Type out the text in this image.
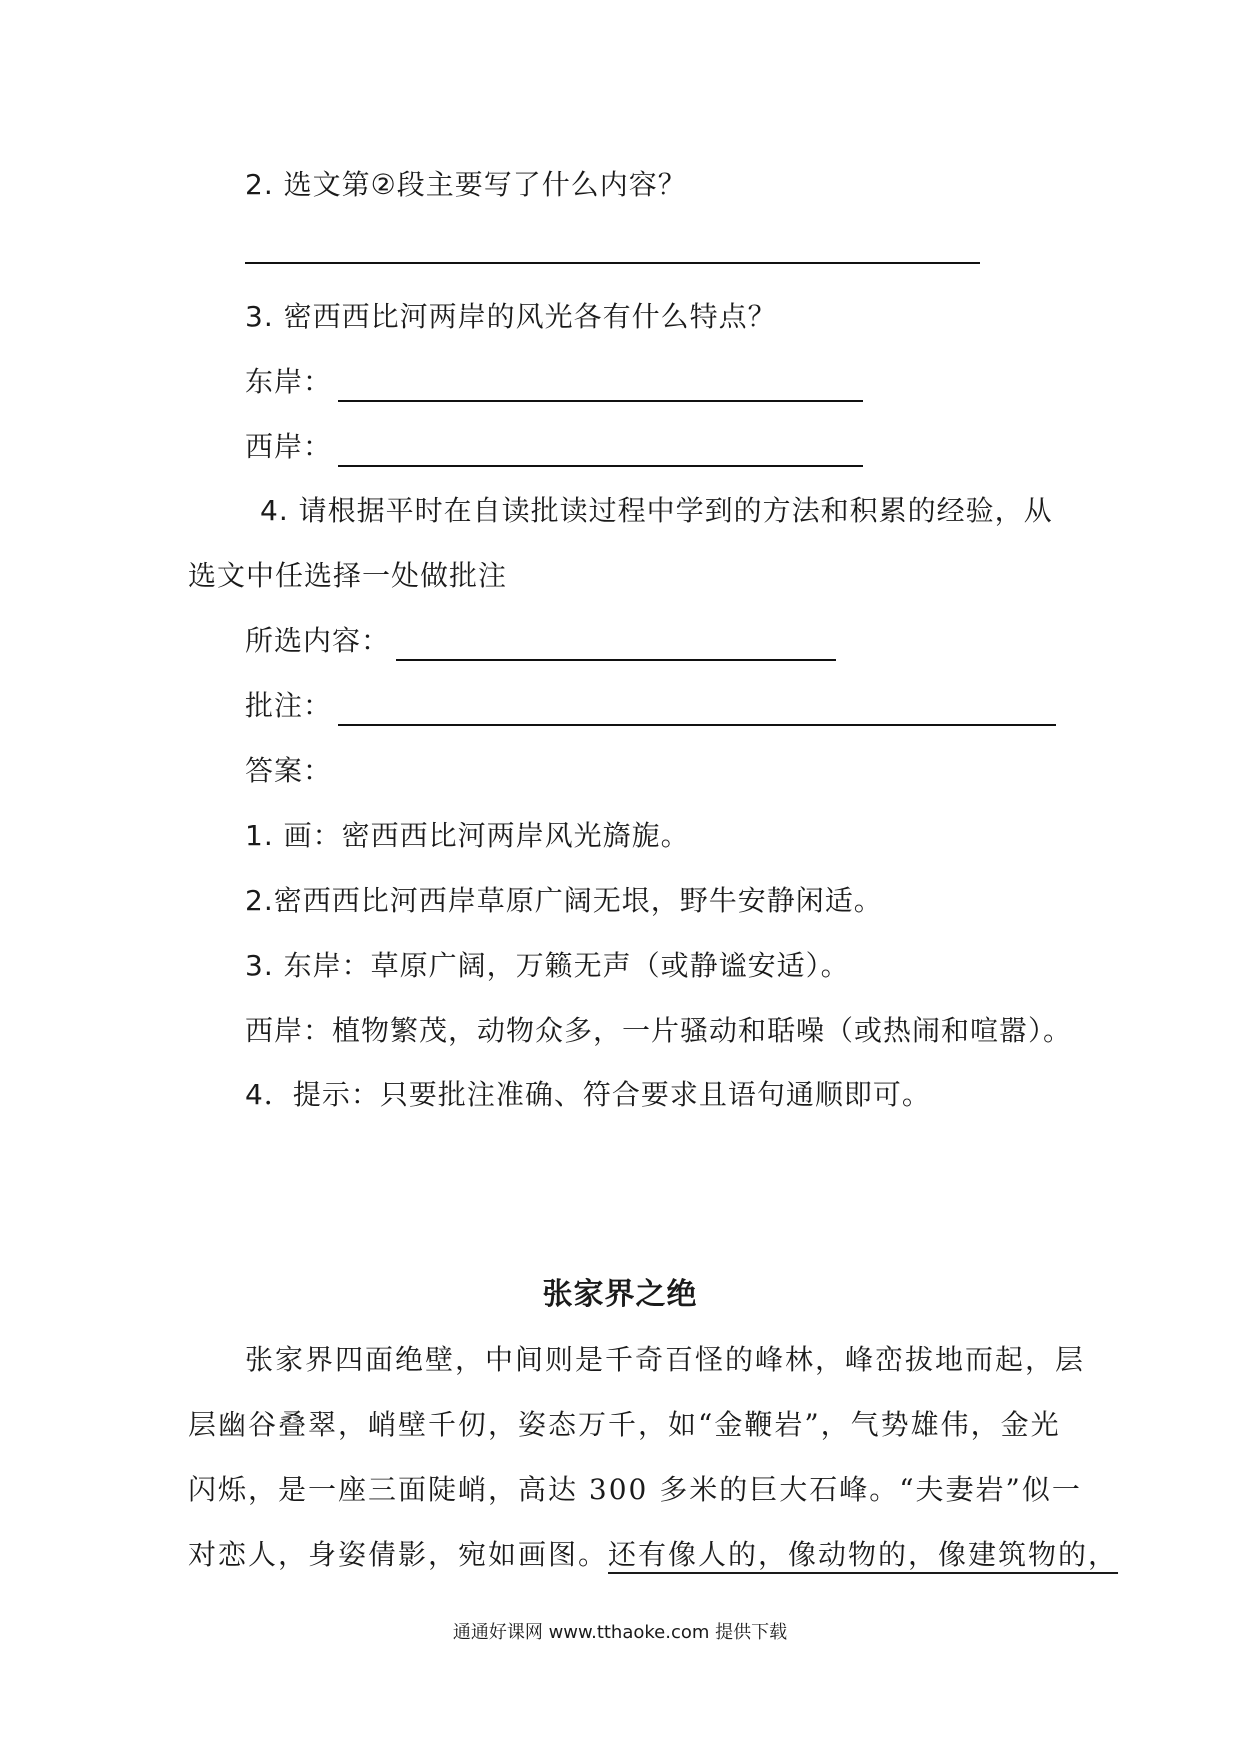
2. 选文第②段主要写了什么内容？
3. 密西西比河两岸的风光各有什么特点？
东岸：
西岸：
4. 请根据平时在自读批读过程中学到的方法和积累的经验，从
选文中任选择一处做批注
所选内容：
批注：
答案：
1. 画：密西西比河两岸风光旖旎。
2.密西西比河西岸草原广阔无垠，野牛安静闲适。
3. 东岸：草原广阔，万籁无声（或静谧安适）。
西岸：植物繁茂，动物众多，一片骚动和聒噪（或热闹和喧嚣）。
4．提示：只要批注准确、符合要求且语句通顺即可。
张家界之绝
张家界四面绝壁，中间则是千奇百怪的峰林，峰峦拔地而起，层
层幽谷叠翠，峭壁千仞，姿态万千，如“金鞭岩”，气势雄伟，金光
闪烁，是一座三面陡峭，高达 300 多米的巨大石峰。“夫妻岩”似一
对恋人，身姿倩影，宛如画图。还有像人的，像动物的，像建筑物的，
通通好课网 www.tthaoke.com 提供下载
